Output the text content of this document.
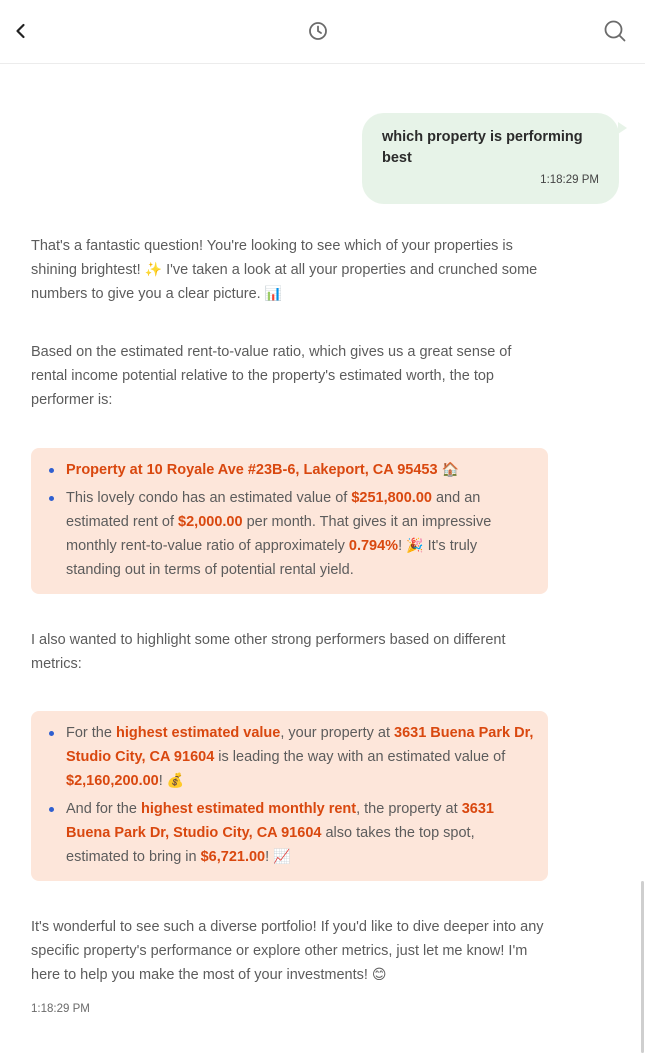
which property is performing best
1:18:29 PM
That's a fantastic question! You're looking to see which of your properties is shining brightest! ✨ I've taken a look at all your properties and crunched some numbers to give you a clear picture. 📊
Based on the estimated rent-to-value ratio, which gives us a great sense of rental income potential relative to the property's estimated worth, the top performer is:
Property at 10 Royale Ave #23B-6, Lakeport, CA 95453 🏠
This lovely condo has an estimated value of $251,800.00 and an estimated rent of $2,000.00 per month. That gives it an impressive monthly rent-to-value ratio of approximately 0.794%! 🎉 It's truly standing out in terms of potential rental yield.
I also wanted to highlight some other strong performers based on different metrics:
For the highest estimated value, your property at 3631 Buena Park Dr, Studio City, CA 91604 is leading the way with an estimated value of $2,160,200.00! 💰
And for the highest estimated monthly rent, the property at 3631 Buena Park Dr, Studio City, CA 91604 also takes the top spot, estimated to bring in $6,721.00! 📈
It's wonderful to see such a diverse portfolio! If you'd like to dive deeper into any specific property's performance or explore other metrics, just let me know! I'm here to help you make the most of your investments! 😊
1:18:29 PM
